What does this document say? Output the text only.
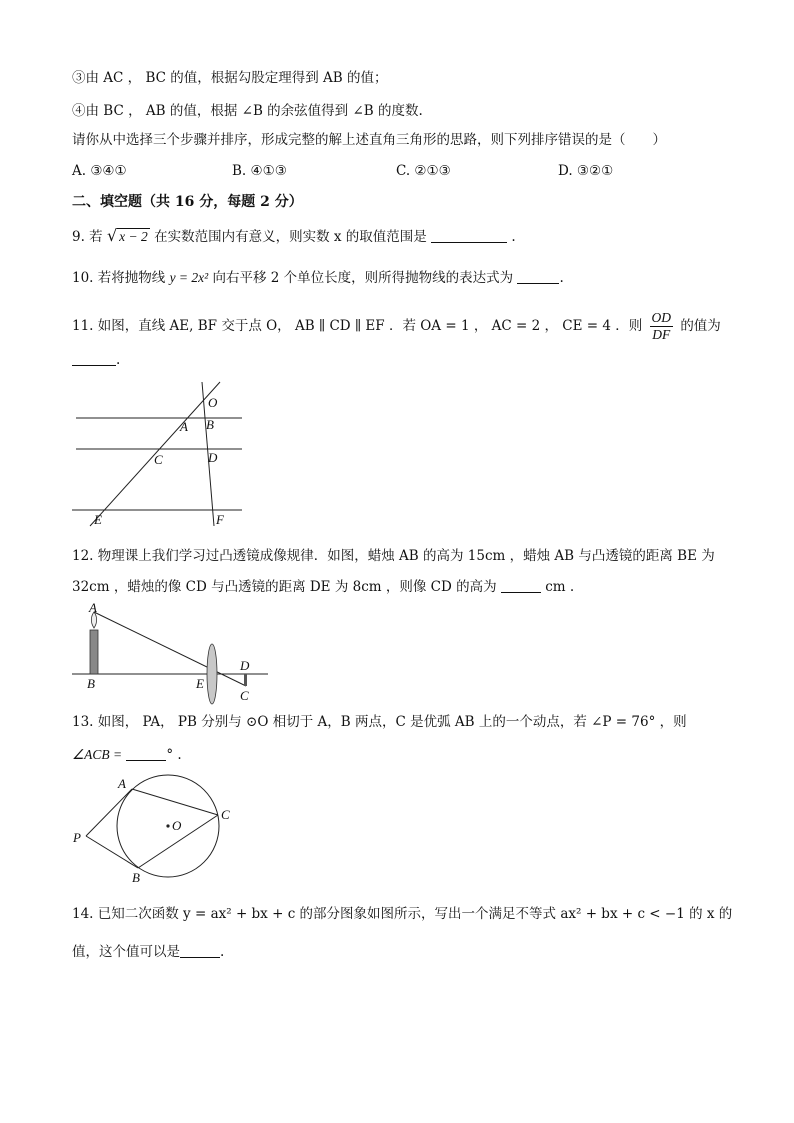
③由 AC ， BC 的值，根据勾股定理得到 AB 的值；
④由 BC ， AB 的值，根据 ∠B 的余弦值得到 ∠B 的度数.
请你从中选择三个步骤并排序，形成完整的解上述直角三角形的思路，则下列排序错误的是（　　）
A. ③④①	B. ④①③	C. ②①③	D. ③②①
二、填空题（共 16 分，每题 2 分）
9. 若 √ x − 2 在实数范围内有意义，则实数 x 的取值范围是	.
10. 若将抛物线 y = 2x² 向右平移 2 个单位长度，则所得抛物线的表达式为	.
11. 如图，直线 AE, BF 交于点 O， AB ∥ CD ∥ EF ．若 OA = 1 ， AC = 2 ， CE = 4 ．则 $\frac{OD}{DF}$ 的值为
.
O
A B
C	D
E	F
12. 物理课上我们学习过凸透镜成像规律．如图，蜡烛 AB 的高为 15cm ，蜡烛 AB 与凸透镜的距离 BE 为
32cm ，蜡烛的像 CD 与凸透镜的距离 DE 为 8cm ，则像 CD 的高为	cm .
A
B	E
D
C
13. 如图， PA， PB 分别与 ⊙O 相切于 A，B 两点，C 是优弧 AB 上的一个动点，若 ∠P = 76° ，则
∠ACB =	° .
A
B
C
P
O
14. 已知二次函数 y = ax² + bx + c 的部分图象如图所示，写出一个满足不等式 ax² + bx + c < −1 的 x 的
值，这个值可以是	.
